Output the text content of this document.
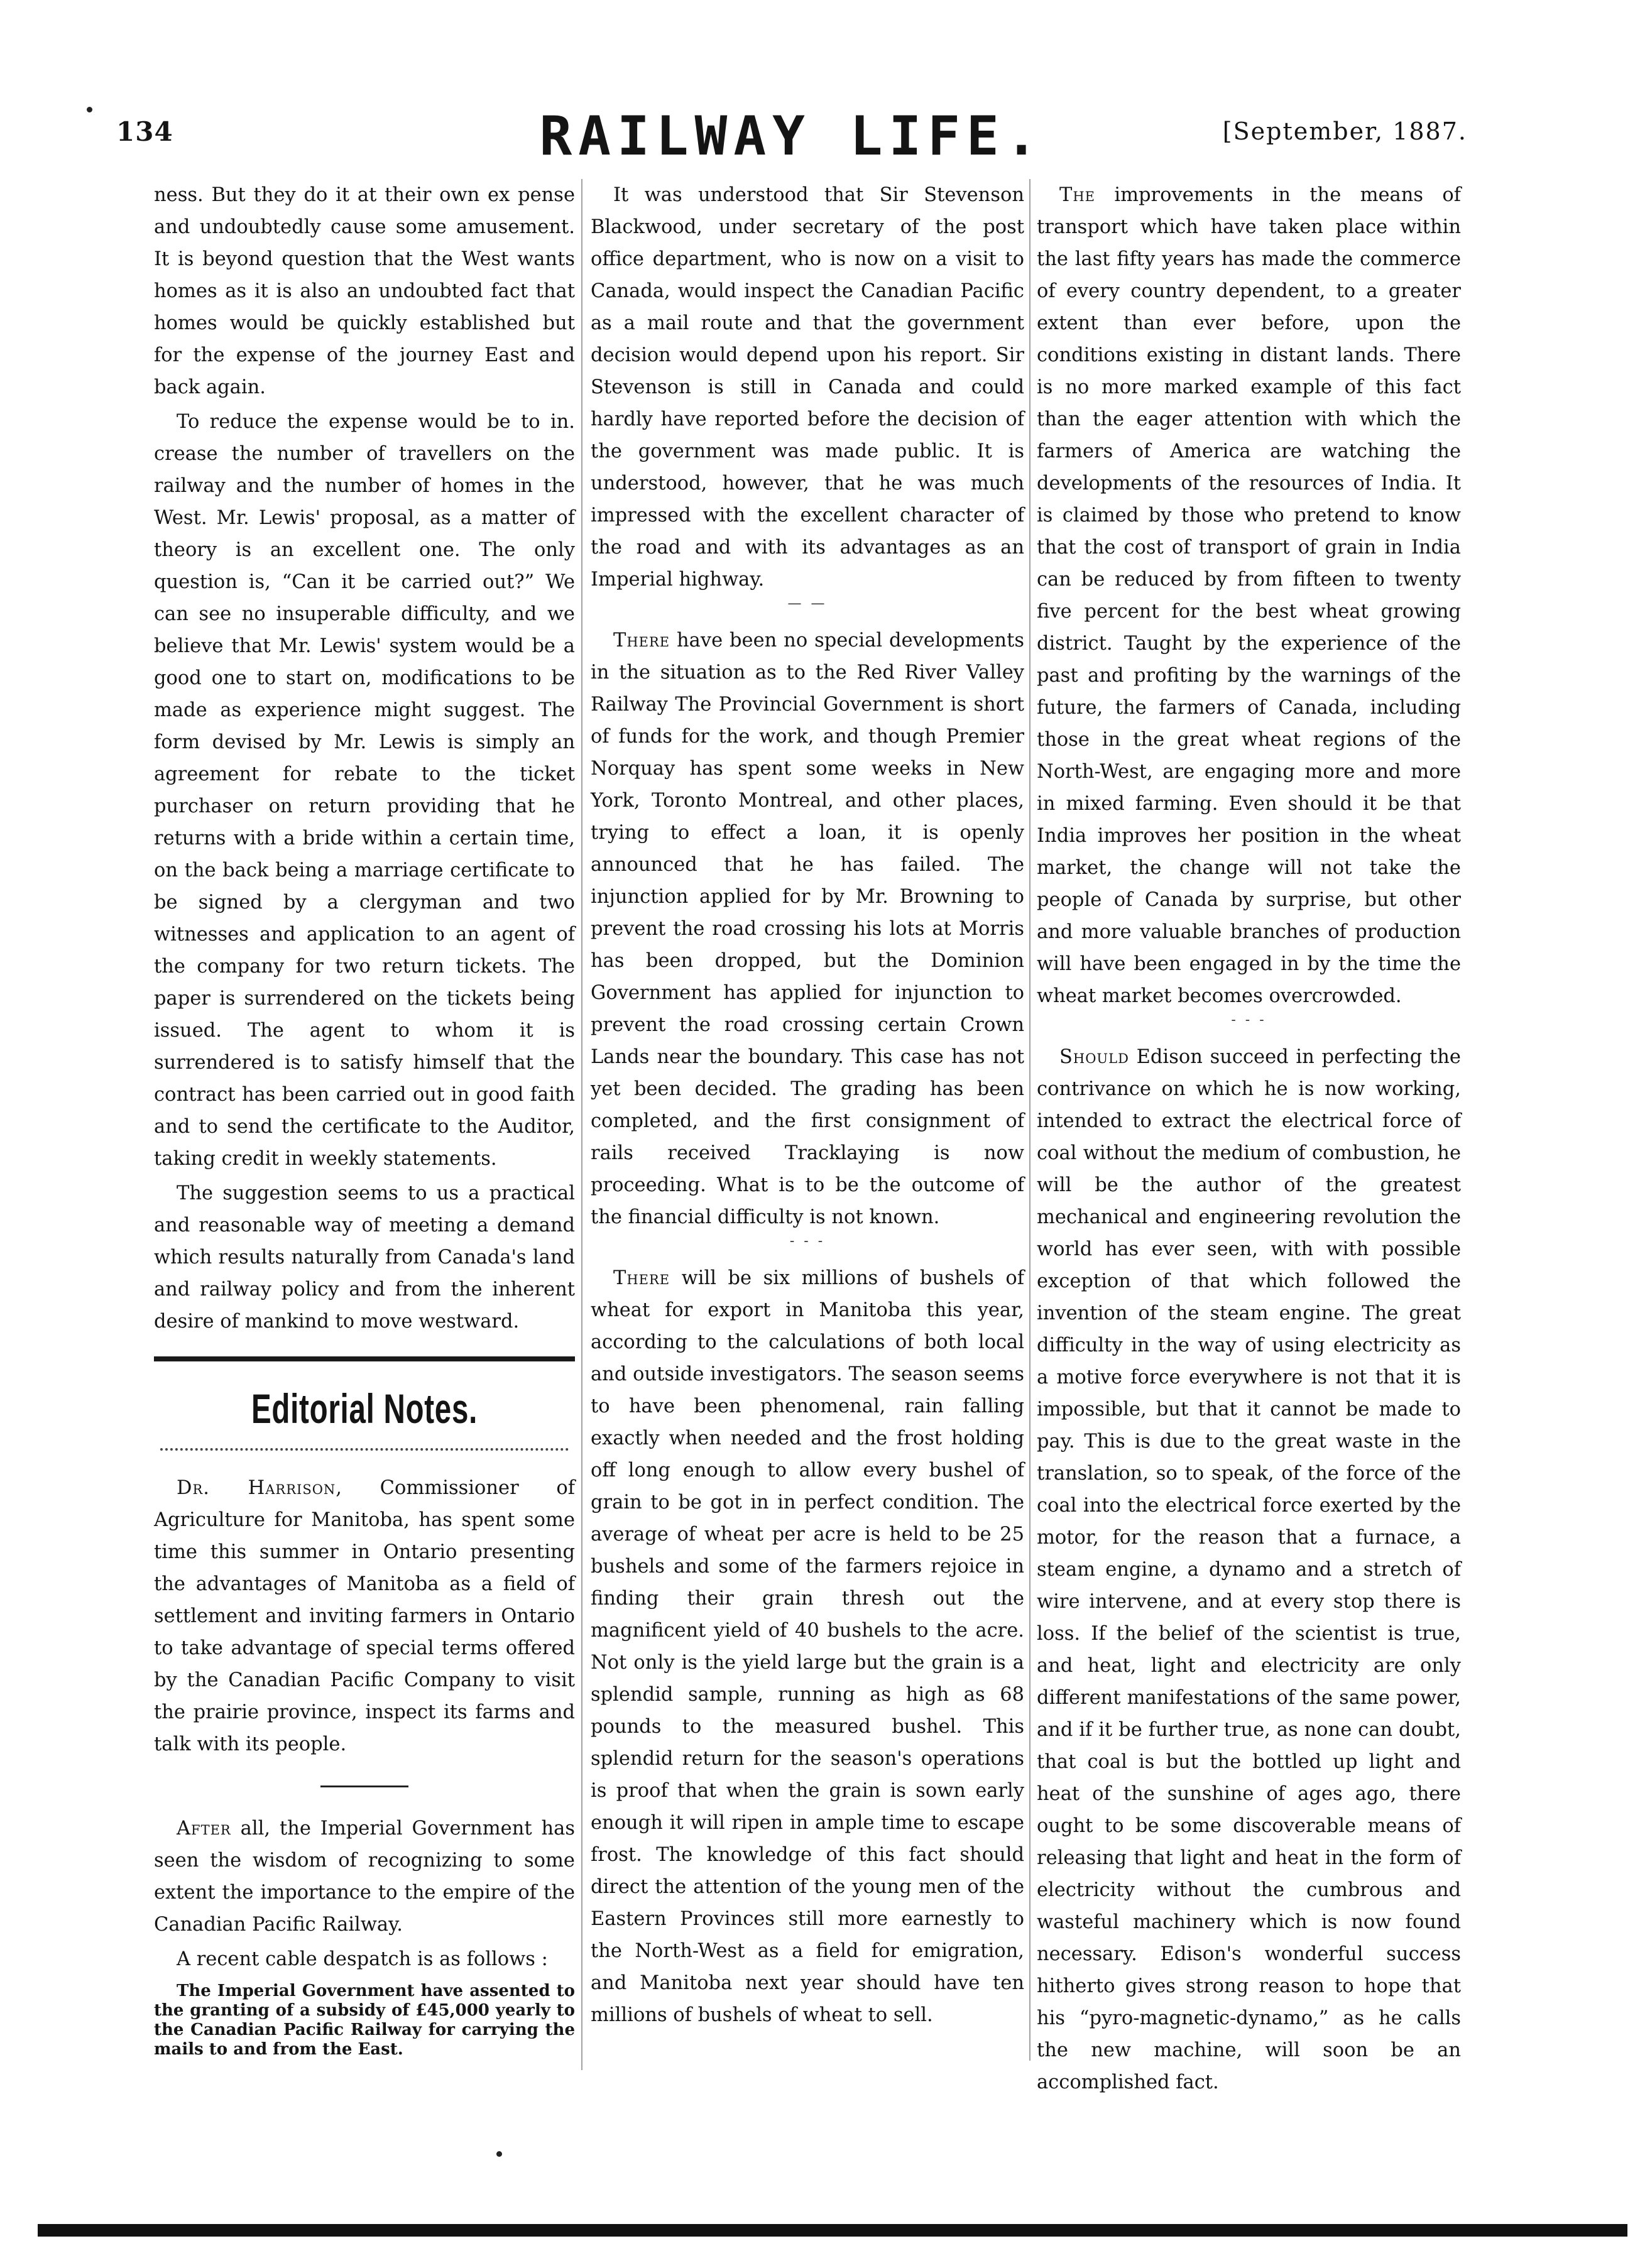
134	RAILWAY LIFE.	[September, 1887.

ness. But they do it at their own ex pense and undoubtedly cause some amusement. It is beyond question that the West wants homes as it is also an undoubted fact that homes would be quickly established but for the expense of the journey East and back again.

To reduce the expense would be to in. crease the number of travellers on the railway and the number of homes in the West. Mr. Lewis' proposal, as a matter of theory is an excellent one. The only question is, “Can it be carried out?” We can see no insuperable difficulty, and we believe that Mr. Lewis' system would be a good one to start on, modifications to be made as experience might suggest. The form devised by Mr. Lewis is simply an agreement for rebate to the ticket purchaser on return providing that he returns with a bride within a certain time, on the back being a marriage certificate to be signed by a clergyman and two witnesses and application to an agent of the company for two return tickets. The paper is surrendered on the tickets being issued. The agent to whom it is surrendered is to satisfy himself that the contract has been carried out in good faith and to send the certificate to the Auditor, taking credit in weekly statements.

The suggestion seems to us a practical and reasonable way of meeting a demand which results naturally from Canada's land and railway policy and from the inherent desire of mankind to move westward.

Editorial Notes.

Dr. Harrison, Commissioner of Agriculture for Manitoba, has spent some time this summer in Ontario presenting the advantages of Manitoba as a field of settlement and inviting farmers in Ontario to take advantage of special terms offered by the Canadian Pacific Company to visit the prairie province, inspect its farms and talk with its people.

After all, the Imperial Government has seen the wisdom of recognizing to some extent the importance to the empire of the Canadian Pacific Railway.

A recent cable despatch is as follows :

The Imperial Government have assented to the granting of a subsidy of £45,000 yearly to the Canadian Pacific Railway for carrying the mails to and from the East.

It was understood that Sir Stevenson Blackwood, under secretary of the post office department, who is now on a visit to Canada, would inspect the Canadian Pacific as a mail route and that the government decision would depend upon his report. Sir Stevenson is still in Canada and could hardly have reported before the decision of the government was made public. It is understood, however, that he was much impressed with the excellent character of the road and with its advantages as an Imperial highway.

— —

There have been no special developments in the situation as to the Red River Valley Railway The Provincial Government is short of funds for the work, and though Premier Norquay has spent some weeks in New York, Toronto Montreal, and other places, trying to effect a loan, it is openly announced that he has failed. The injunction applied for by Mr. Browning to prevent the road crossing his lots at Morris has been dropped, but the Dominion Government has applied for injunction to prevent the road crossing certain Crown Lands near the boundary. This case has not yet been decided. The grading has been completed, and the first consignment of rails received Tracklaying is now proceeding. What is to be the outcome of the financial difficulty is not known.

- - -

There will be six millions of bushels of wheat for export in Manitoba this year, according to the calculations of both local and outside investigators. The season seems to have been phenomenal, rain falling exactly when needed and the frost holding off long enough to allow every bushel of grain to be got in in perfect condition. The average of wheat per acre is held to be 25 bushels and some of the farmers rejoice in finding their grain thresh out the magnificent yield of 40 bushels to the acre. Not only is the yield large but the grain is a splendid sample, running as high as 68 pounds to the measured bushel. This splendid return for the season's operations is proof that when the grain is sown early enough it will ripen in ample time to escape frost. The knowledge of this fact should direct the attention of the young men of the Eastern Provinces still more earnestly to the North-West as a field for emigration, and Manitoba next year should have ten millions of bushels of wheat to sell.

The improvements in the means of transport which have taken place within the last fifty years has made the commerce of every country dependent, to a greater extent than ever before, upon the conditions existing in distant lands. There is no more marked example of this fact than the eager attention with which the farmers of America are watching the developments of the resources of India. It is claimed by those who pretend to know that the cost of transport of grain in India can be reduced by from fifteen to twenty five percent for the best wheat growing district. Taught by the experience of the past and profiting by the warnings of the future, the farmers of Canada, including those in the great wheat regions of the North-West, are engaging more and more in mixed farming. Even should it be that India improves her position in the wheat market, the change will not take the people of Canada by surprise, but other and more valuable branches of production will have been engaged in by the time the wheat market becomes overcrowded.

- - -

Should Edison succeed in perfecting the contrivance on which he is now working, intended to extract the electrical force of coal without the medium of combustion, he will be the author of the greatest mechanical and engineering revolution the world has ever seen, with with possible exception of that which followed the invention of the steam engine. The great difficulty in the way of using electricity as a motive force everywhere is not that it is impossible, but that it cannot be made to pay. This is due to the great waste in the translation, so to speak, of the force of the coal into the electrical force exerted by the motor, for the reason that a furnace, a steam engine, a dynamo and a stretch of wire intervene, and at every stop there is loss. If the belief of the scientist is true, and heat, light and electricity are only different manifestations of the same power, and if it be further true, as none can doubt, that coal is but the bottled up light and heat of the sunshine of ages ago, there ought to be some discoverable means of releasing that light and heat in the form of electricity without the cumbrous and wasteful machinery which is now found necessary. Edison's wonderful success hitherto gives strong reason to hope that his “pyro-magnetic-dynamo,” as he calls the new machine, will soon be an accomplished fact.
